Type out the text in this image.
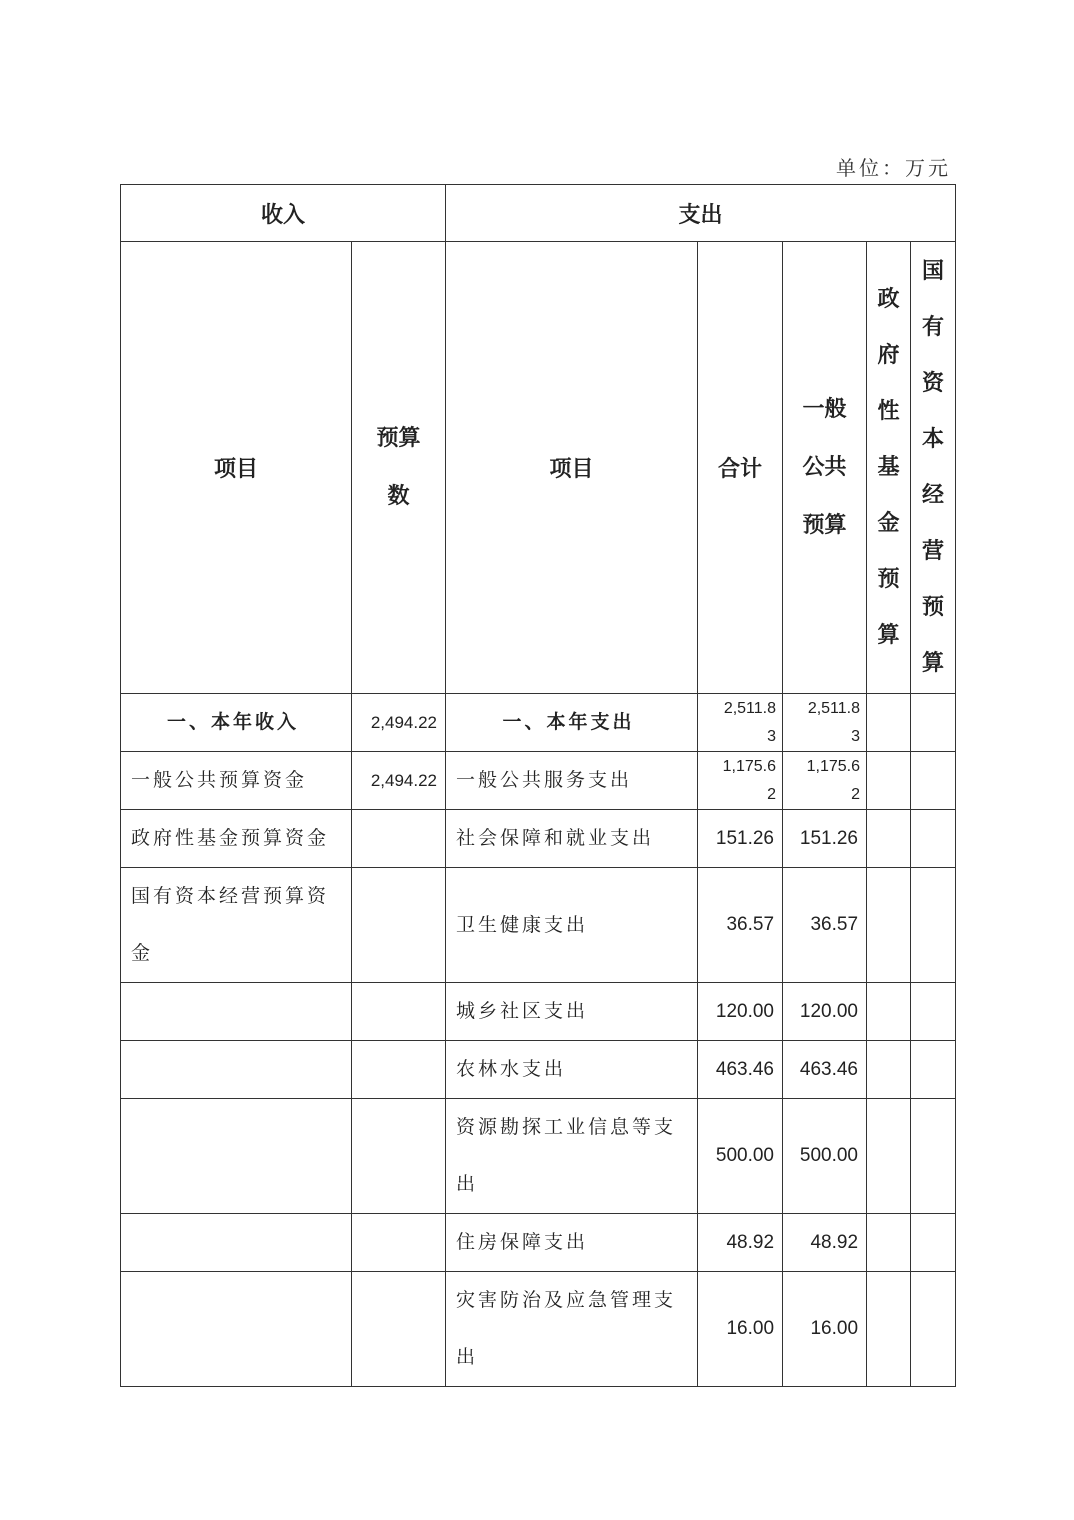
单位：万元
收入		支出				
项目	预算数	项目	合计	一般公共预算	政府性基金预算	国有资本经营预算
一、本年收入	2,494.22	一、本年支出	2,511.83	2,511.83		
一般公共预算资金	2,494.22	一般公共服务支出	1,175.62	1,175.62		
政府性基金预算资金		社会保障和就业支出	151.26	151.26		
国有资本经营预算资金		卫生健康支出	36.57	36.57		
		城乡社区支出	120.00	120.00		
		农林水支出	463.46	463.46		
		资源勘探工业信息等支出	500.00	500.00		
		住房保障支出	48.92	48.92		
		灾害防治及应急管理支出	16.00	16.00		
